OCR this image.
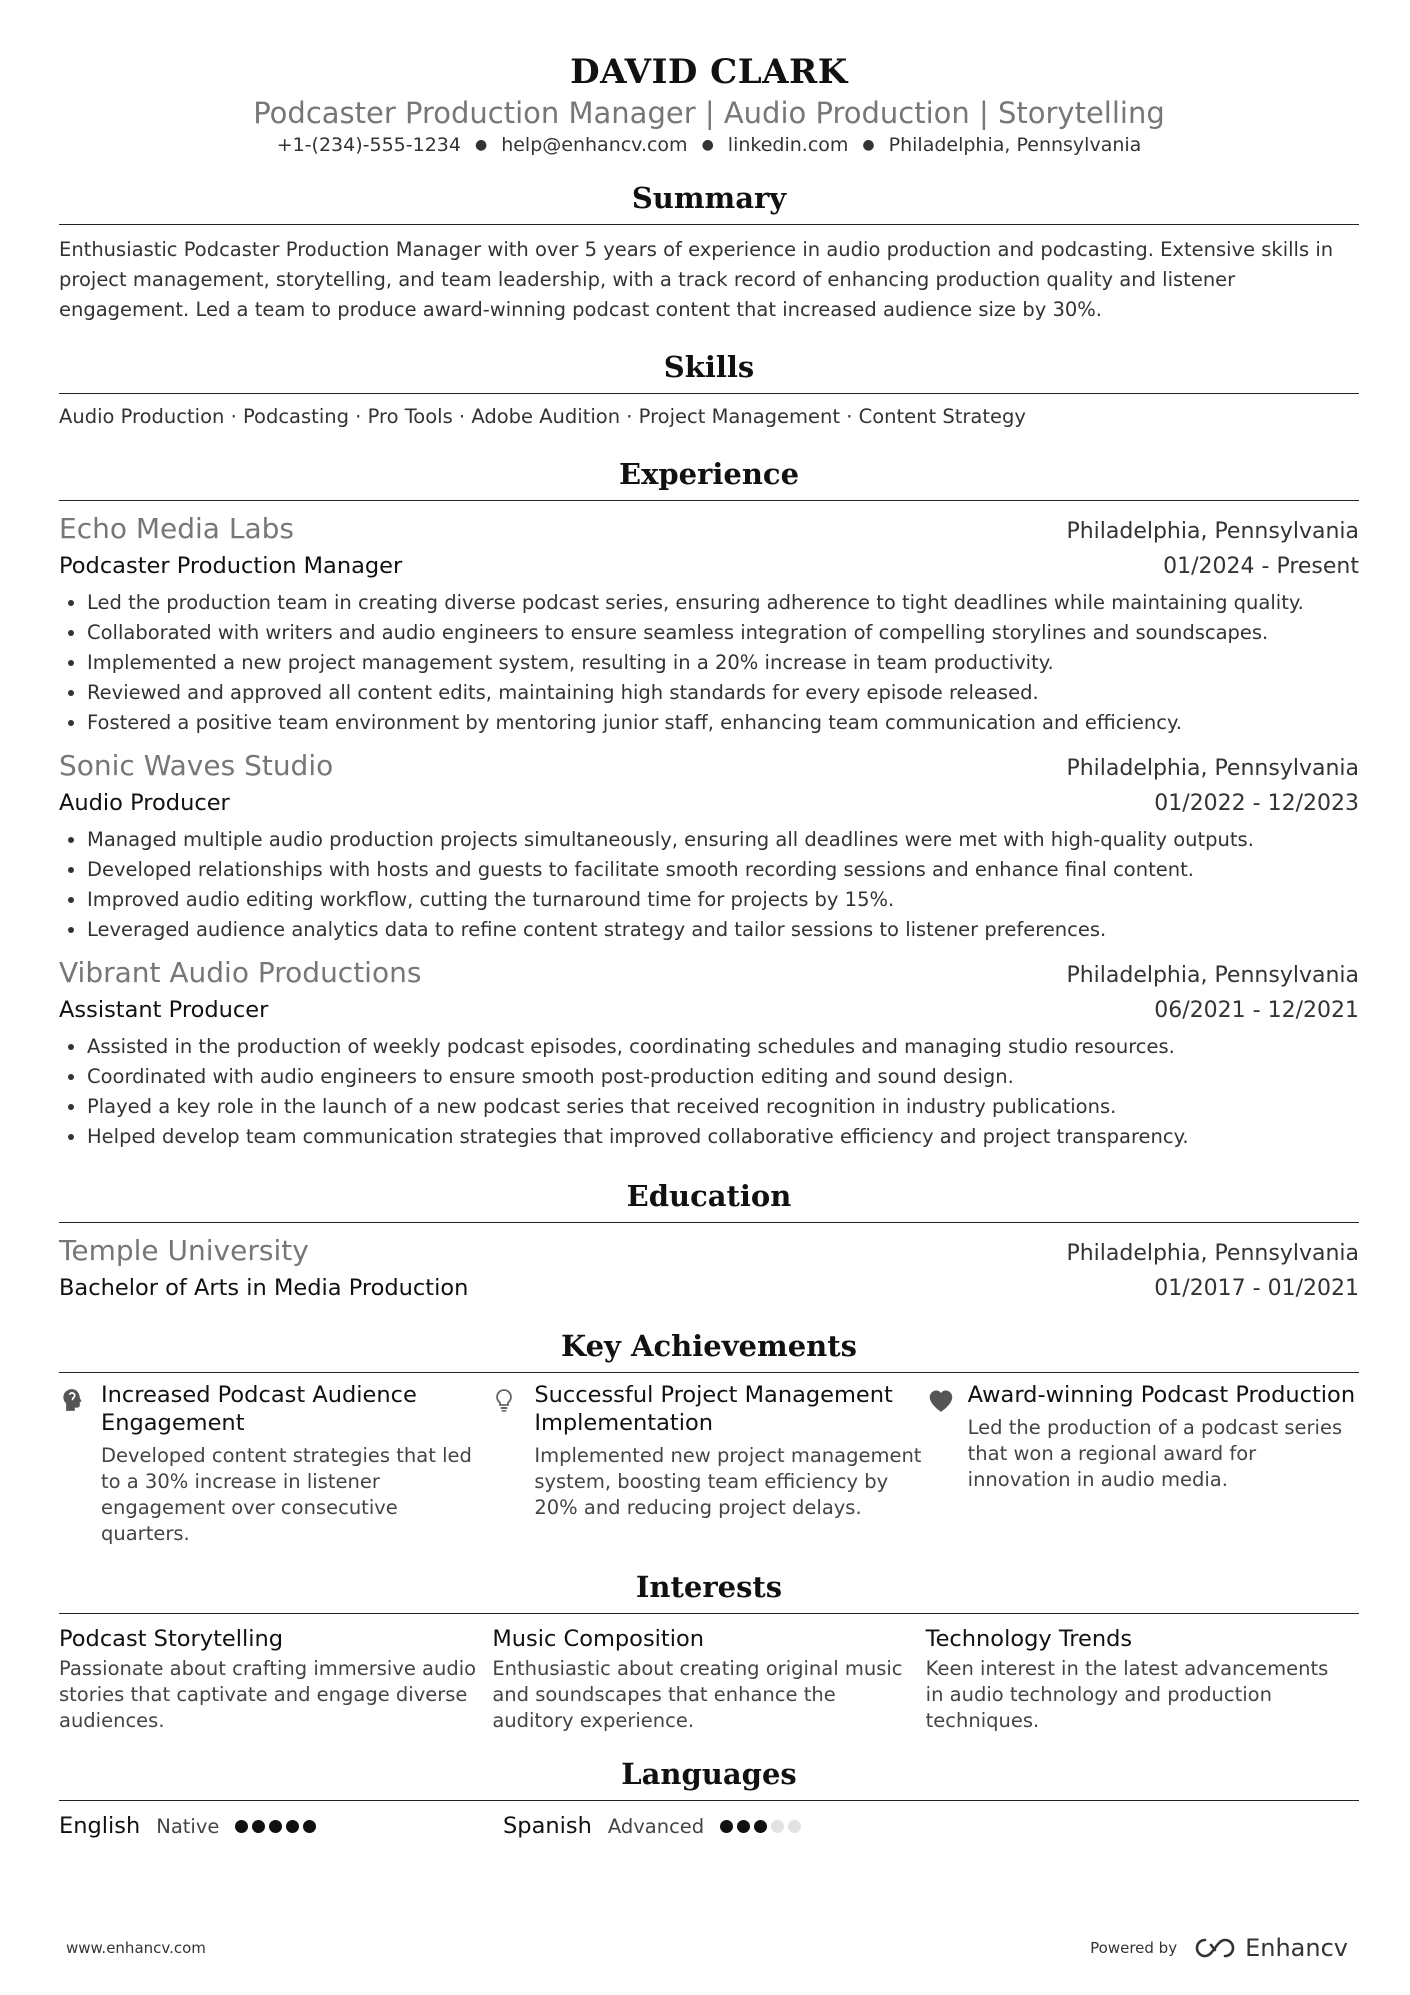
DAVID CLARK
Podcaster Production Manager | Audio Production | Storytelling
+1-(234)-555-1234 ● help@enhancv.com ● linkedin.com ● Philadelphia, Pennsylvania
Summary
Enthusiastic Podcaster Production Manager with over 5 years of experience in audio production and podcasting. Extensive skills in project management, storytelling, and team leadership, with a track record of enhancing production quality and listener engagement. Led a team to produce award-winning podcast content that increased audience size by 30%.
Skills
Audio Production · Podcasting · Pro Tools · Adobe Audition · Project Management · Content Strategy
Experience
Echo Media Labs	Philadelphia, Pennsylvania
Podcaster Production Manager	01/2024 - Present
• Led the production team in creating diverse podcast series, ensuring adherence to tight deadlines while maintaining quality.
• Collaborated with writers and audio engineers to ensure seamless integration of compelling storylines and soundscapes.
• Implemented a new project management system, resulting in a 20% increase in team productivity.
• Reviewed and approved all content edits, maintaining high standards for every episode released.
• Fostered a positive team environment by mentoring junior staff, enhancing team communication and efficiency.
Sonic Waves Studio	Philadelphia, Pennsylvania
Audio Producer	01/2022 - 12/2023
• Managed multiple audio production projects simultaneously, ensuring all deadlines were met with high-quality outputs.
• Developed relationships with hosts and guests to facilitate smooth recording sessions and enhance final content.
• Improved audio editing workflow, cutting the turnaround time for projects by 15%.
• Leveraged audience analytics data to refine content strategy and tailor sessions to listener preferences.
Vibrant Audio Productions	Philadelphia, Pennsylvania
Assistant Producer	06/2021 - 12/2021
• Assisted in the production of weekly podcast episodes, coordinating schedules and managing studio resources.
• Coordinated with audio engineers to ensure smooth post-production editing and sound design.
• Played a key role in the launch of a new podcast series that received recognition in industry publications.
• Helped develop team communication strategies that improved collaborative efficiency and project transparency.
Education
Temple University	Philadelphia, Pennsylvania
Bachelor of Arts in Media Production	01/2017 - 01/2021
Key Achievements
Increased Podcast Audience Engagement
Developed content strategies that led to a 30% increase in listener engagement over consecutive quarters.
Successful Project Management Implementation
Implemented new project management system, boosting team efficiency by 20% and reducing project delays.
Award-winning Podcast Production
Led the production of a podcast series that won a regional award for innovation in audio media.
Interests
Podcast Storytelling
Passionate about crafting immersive audio stories that captivate and engage diverse audiences.
Music Composition
Enthusiastic about creating original music and soundscapes that enhance the auditory experience.
Technology Trends
Keen interest in the latest advancements in audio technology and production techniques.
Languages
English Native	Spanish Advanced
www.enhancv.com	Powered by	Enhancv
